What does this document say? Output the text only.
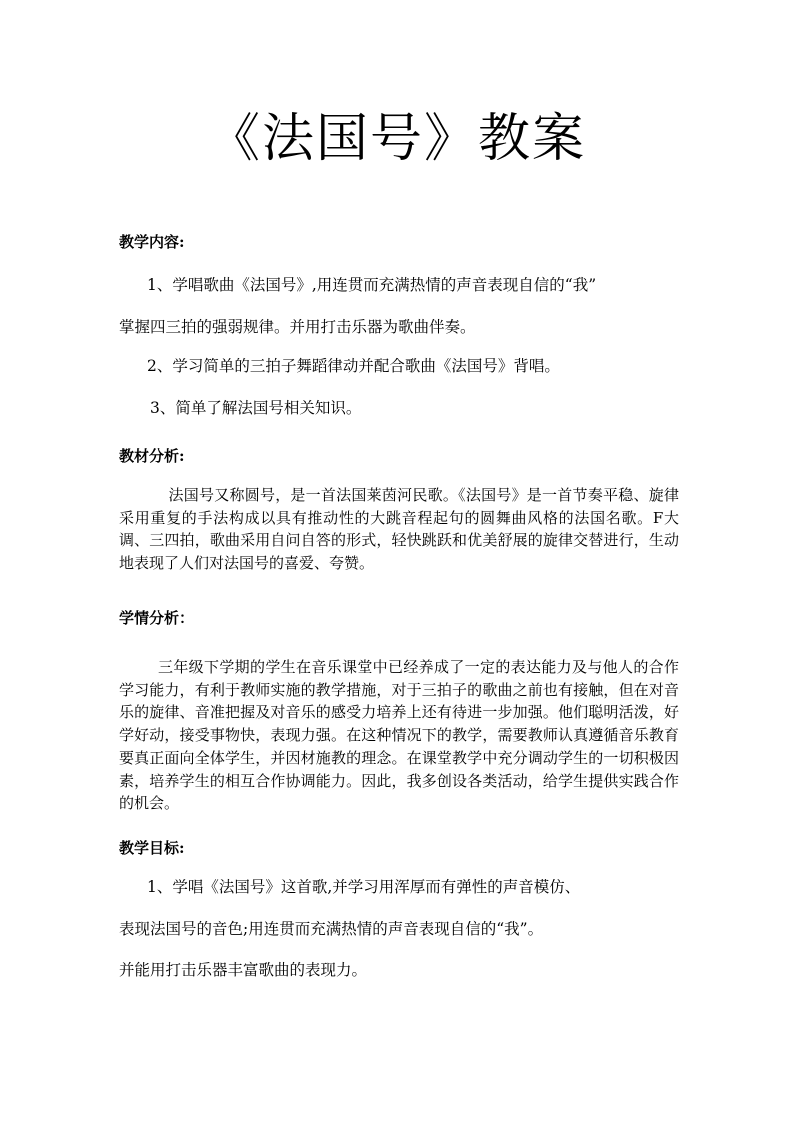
《法国号》教案
教学内容:
1、学唱歌曲《法国号》,用连贯而充满热情的声音表现自信的“我”
掌握四三拍的强弱规律。并用打击乐器为歌曲伴奏。
2、学习简单的三拍子舞蹈律动并配合歌曲《法国号》背唱。
3、简单了解法国号相关知识。
教材分析:
法国号又称圆号，是一首法国莱茵河民歌。《法国号》是一首节奏平稳、旋律采用重复的手法构成以具有推动性的大跳音程起句的圆舞曲风格的法国名歌。F大调、三四拍，歌曲采用自问自答的形式，轻快跳跃和优美舒展的旋律交替进行，生动地表现了人们对法国号的喜爱、夸赞。
学情分析：
三年级下学期的学生在音乐课堂中已经养成了一定的表达能力及与他人的合作学习能力，有利于教师实施的教学措施，对于三拍子的歌曲之前也有接触，但在对音乐的旋律、音准把握及对音乐的感受力培养上还有待进一步加强。他们聪明活泼，好学好动，接受事物快，表现力强。在这种情况下的教学，需要教师认真遵循音乐教育要真正面向全体学生，并因材施教的理念。在课堂教学中充分调动学生的一切积极因素，培养学生的相互合作协调能力。因此，我多创设各类活动，给学生提供实践合作的机会。
教学目标:
1、学唱《法国号》这首歌,并学习用浑厚而有弹性的声音模仿、
表现法国号的音色;用连贯而充满热情的声音表现自信的“我”。
并能用打击乐器丰富歌曲的表现力。
